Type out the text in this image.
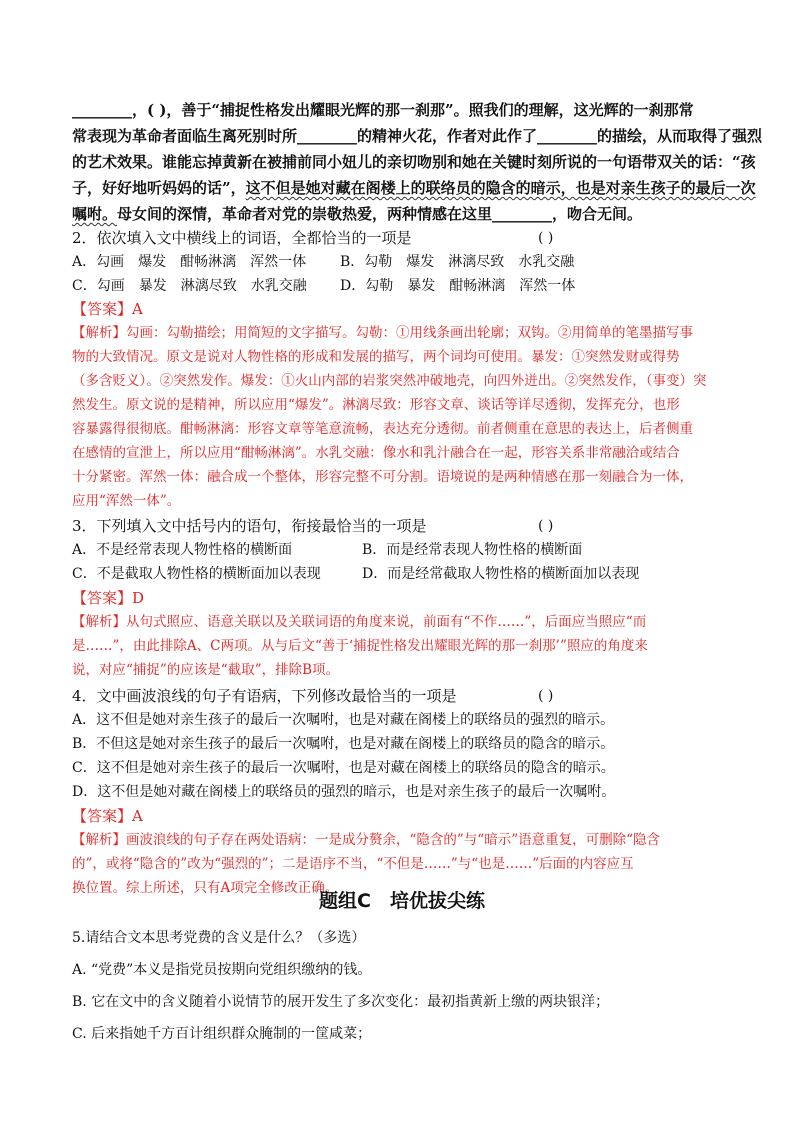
________，( )，善于“捕捉性格发出耀眼光辉的那一刹那”。照我们的理解，这光辉的一刹那常
常表现为革命者面临生离死别时所________的精神火花，作者对此作了________的描绘，从而取得了强烈
的艺术效果。谁能忘掉黄新在被捕前同小妞儿的亲切吻别和她在关键时刻所说的一句语带双关的话：“孩
子，好好地听妈妈的话”，这不但是她对藏在阁楼上的联络员的隐含的暗示，也是对亲生孩子的最后一次
嘱咐。母女间的深情，革命者对党的崇敬热爱，两种情感在这里________，吻合无间。
2．依次填入文中横线上的词语，全都恰当的一项是	( )
A．勾画　爆发　酣畅淋漓　浑然一体 B．勾勒　爆发　淋漓尽致　水乳交融
C．勾画　暴发　淋漓尽致　水乳交融 D．勾勒　暴发　酣畅淋漓　浑然一体
【答案】A
【解析】勾画：勾勒描绘；用简短的文字描写。勾勒：①用线条画出轮廓；双钩。②用简单的笔墨描写事
物的大致情况。原文是说对人物性格的形成和发展的描写，两个词均可使用。暴发：①突然发财或得势
（多含贬义）。②突然发作。爆发：①火山内部的岩浆突然冲破地壳，向四外迸出。②突然发作，（事变）突
然发生。原文说的是精神，所以应用“爆发”。淋漓尽致：形容文章、谈话等详尽透彻，发挥充分，也形
容暴露得很彻底。酣畅淋漓：形容文章等笔意流畅，表达充分透彻。前者侧重在意思的表达上，后者侧重
在感情的宣泄上，所以应用“酣畅淋漓”。水乳交融：像水和乳汁融合在一起，形容关系非常融洽或结合
十分紧密。浑然一体：融合成一个整体，形容完整不可分割。语境说的是两种情感在那一刻融合为一体，
应用“浑然一体”。
3．下列填入文中括号内的语句，衔接最恰当的一项是	( )
A．不是经常表现人物性格的横断面	B．而是经常表现人物性格的横断面
C．不是截取人物性格的横断面加以表现	D．而是经常截取人物性格的横断面加以表现
【答案】D
【解析】从句式照应、语意关联以及关联词语的角度来说，前面有“不作……”，后面应当照应“而
是……”，由此排除A、C两项。从与后文“善于‘捕捉性格发出耀眼光辉的那一刹那’”照应的角度来
说，对应“捕捉”的应该是“截取”，排除B项。
4．文中画波浪线的句子有语病，下列修改最恰当的一项是	( )
A．这不但是她对亲生孩子的最后一次嘱咐，也是对藏在阁楼上的联络员的强烈的暗示。
B．不但这是她对亲生孩子的最后一次嘱咐，也是对藏在阁楼上的联络员的隐含的暗示。
C．这不但是她对亲生孩子的最后一次嘱咐，也是对藏在阁楼上的联络员的隐含的暗示。
D．这不但是她对藏在阁楼上的联络员的强烈的暗示，也是对亲生孩子的最后一次嘱咐。
【答案】A
【解析】画波浪线的句子存在两处语病：一是成分赘余，“隐含的”与“暗示”语意重复，可删除“隐含
的”，或将“隐含的”改为“强烈的”；二是语序不当，“不但是……”与“也是……”后面的内容应互
换位置。综上所述，只有A项完全修改正确。
题组C　培优拔尖练
5.请结合文本思考党费的含义是什么？（多选）
A. “党费”本义是指党员按期向党组织缴纳的钱。
B. 它在文中的含义随着小说情节的展开发生了多次变化：最初指黄新上缴的两块银洋；
C. 后来指她千方百计组织群众腌制的一筐咸菜；
